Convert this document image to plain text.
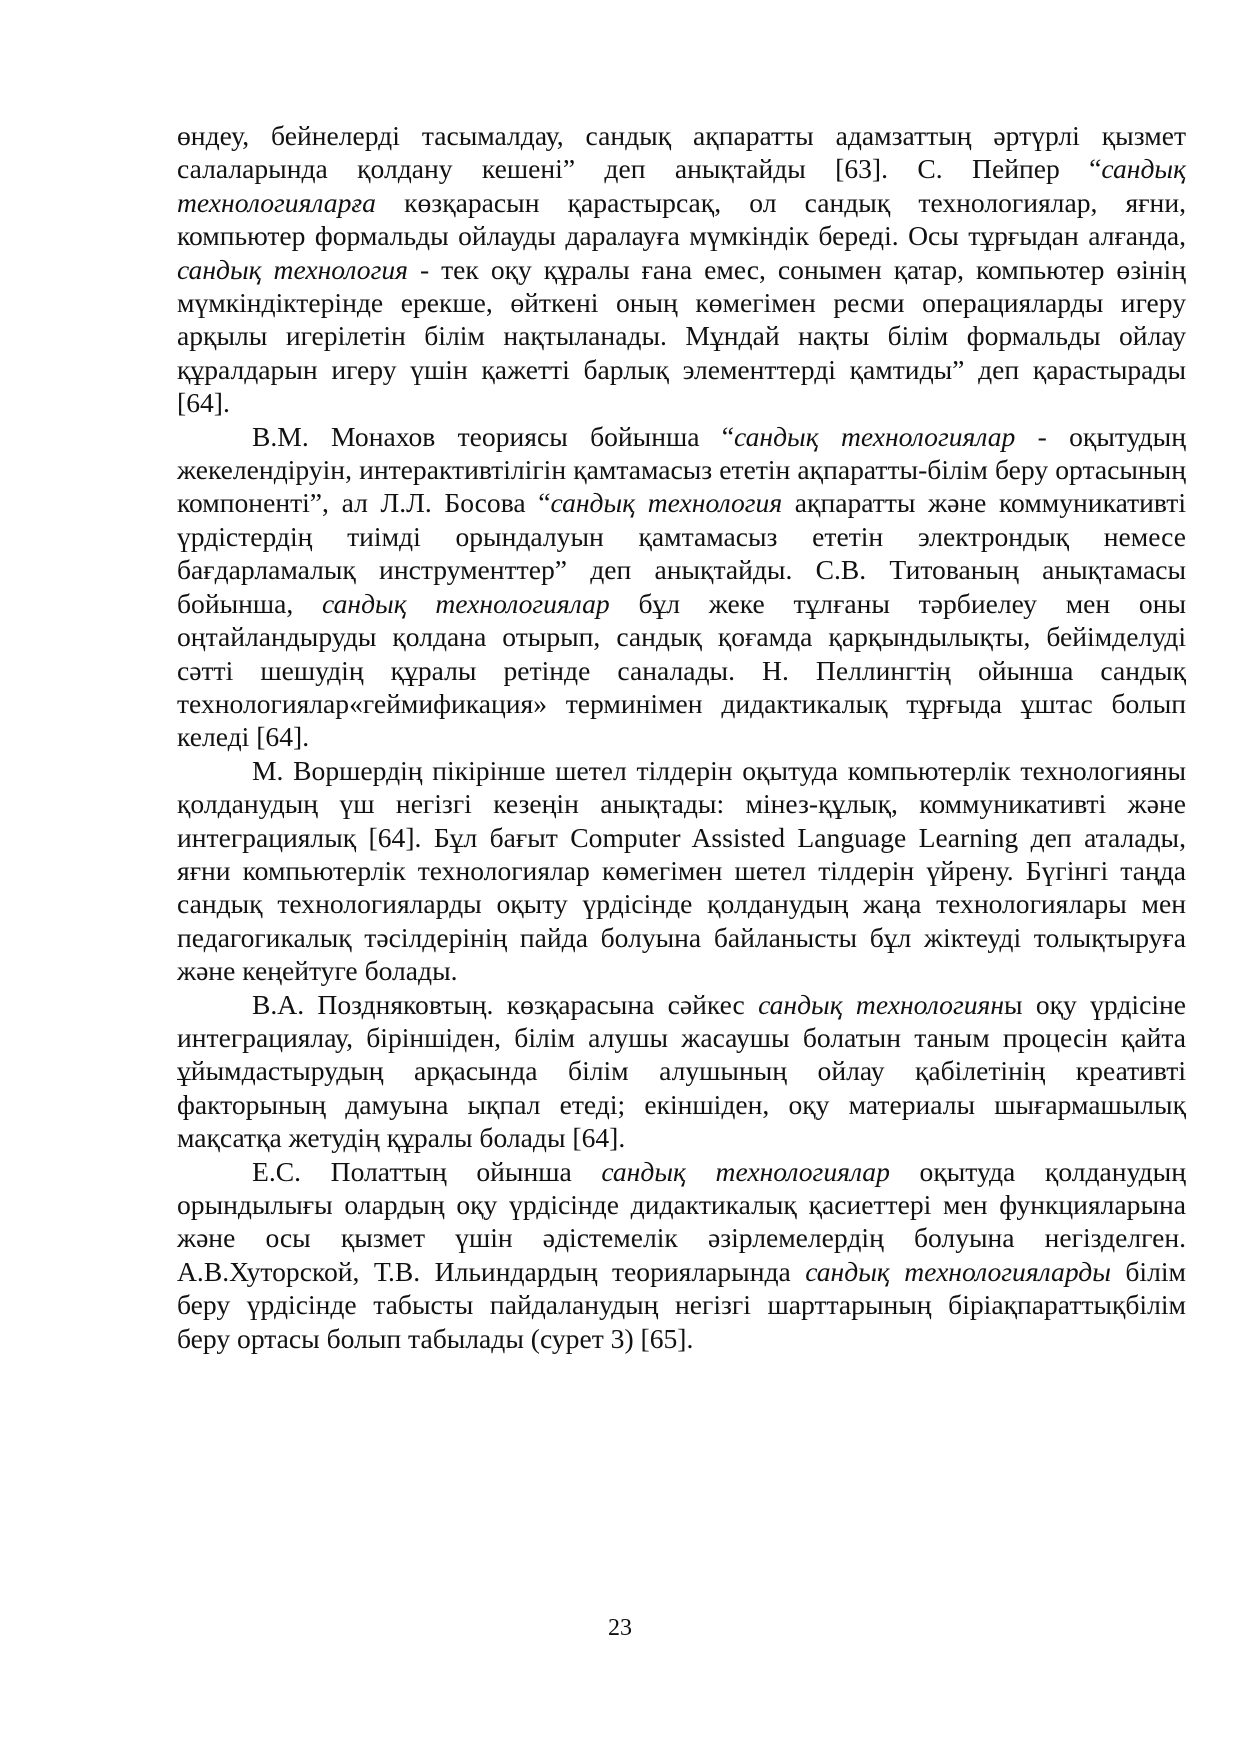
өндеу, бейнелерді тасымалдау, сандық ақпаратты адамзаттың әртүрлі қызмет салаларында қолдану кешені” деп анықтайды [63]. С. Пейпер “сандық технологияларға көзқарасын қарастырсақ, ол сандық технологиялар, яғни, компьютер формальды ойлауды даралауға мүмкіндік береді. Осы тұрғыдан алғанда, сандық технология - тек оқу құралы ғана емес, сонымен қатар, компьютер өзінің мүмкіндіктерінде ерекше, өйткені оның көмегімен ресми операцияларды игеру арқылы игерілетін білім нақтыланады. Мұндай нақты білім формальды ойлау құралдарын игеру үшін қажетті барлық элементтерді қамтиды” деп қарастырады [64].

В.М. Монахов теориясы бойынша “сандық технологиялар - оқытудың жекелендіруін, интерактивтілігін қамтамасыз ететін ақпаратты-білім беру ортасының компоненті”, ал Л.Л. Босова “сандық технология ақпаратты және коммуникативті үрдістердің тиімді орындалуын қамтамасыз ететін электрондық немесе бағдарламалық инструменттер” деп анықтайды. С.В. Титованың анықтамасы бойынша, сандық технологиялар бұл жеке тұлғаны тәрбиелеу мен оны оңтайландыруды қолдана отырып, сандық қоғамда қарқындылықты, бейімделуді сәтті шешудің құралы ретінде саналады. Н. Пеллингтің ойынша сандық технологиялар«геймификация» терминімен дидактикалық тұрғыда ұштас болып келеді [64].

М. Воршердің пікірінше шетел тілдерін оқытуда компьютерлік технологияны қолданудың үш негізгі кезеңін анықтады: мінез-құлық, коммуникативті және интеграциялық [64]. Бұл бағыт Computer Assisted Language Learning деп аталады, яғни компьютерлік технологиялар көмегімен шетел тілдерін үйрену. Бүгінгі таңда сандық технологияларды оқыту үрдісінде қолданудың жаңа технологиялары мен педагогикалық тәсілдерінің пайда болуына байланысты бұл жіктеуді толықтыруға және кеңейтуге болады.

В.А. Поздняковтың. көзқарасына сәйкес сандық технологияны оқу үрдісіне интеграциялау, біріншіден, білім алушы жасаушы болатын таным процесін қайта ұйымдастырудың арқасында білім алушының ойлау қабілетінің креативті факторының дамуына ықпал етеді; екіншіден, оқу материалы шығармашылық мақсатқа жетудің құралы болады [64].

Е.С. Полаттың ойынша сандық технологиялар оқытуда қолданудың орындылығы олардың оқу үрдісінде дидактикалық қасиеттері мен функцияларына және осы қызмет үшін әдістемелік әзірлемелердің болуына негізделген. А.В.Хуторской, Т.В. Ильиндардың теорияларында сандық технологияларды білім беру үрдісінде табысты пайдаланудың негізгі шарттарының біріақпараттықбілім беру ортасы болып табылады (сурет 3) [65].

23
